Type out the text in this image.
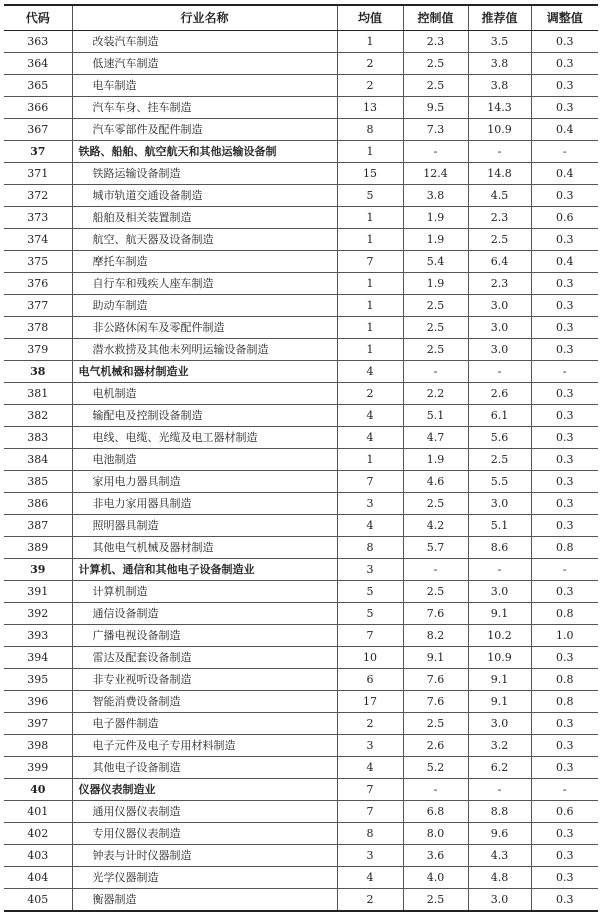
代码	行业名称	均值	控制值	推荐值	调整值
363	改装汽车制造	1	2.3	3.5	0.3
364	低速汽车制造	2	2.5	3.8	0.3
365	电车制造	2	2.5	3.8	0.3
366	汽车车身、挂车制造	13	9.5	14.3	0.3
367	汽车零部件及配件制造	8	7.3	10.9	0.4
37	铁路、船舶、航空航天和其他运输设备制	1	-	-	-
371	铁路运输设备制造	15	12.4	14.8	0.4
372	城市轨道交通设备制造	5	3.8	4.5	0.3
373	船舶及相关装置制造	1	1.9	2.3	0.6
374	航空、航天器及设备制造	1	1.9	2.5	0.3
375	摩托车制造	7	5.4	6.4	0.4
376	自行车和残疾人座车制造	1	1.9	2.3	0.3
377	助动车制造	1	2.5	3.0	0.3
378	非公路休闲车及零配件制造	1	2.5	3.0	0.3
379	潜水救捞及其他未列明运输设备制造	1	2.5	3.0	0.3
38	电气机械和器材制造业	4	-	-	-
381	电机制造	2	2.2	2.6	0.3
382	输配电及控制设备制造	4	5.1	6.1	0.3
383	电线、电缆、光缆及电工器材制造	4	4.7	5.6	0.3
384	电池制造	1	1.9	2.5	0.3
385	家用电力器具制造	7	4.6	5.5	0.3
386	非电力家用器具制造	3	2.5	3.0	0.3
387	照明器具制造	4	4.2	5.1	0.3
389	其他电气机械及器材制造	8	5.7	8.6	0.8
39	计算机、通信和其他电子设备制造业	3	-	-	-
391	计算机制造	5	2.5	3.0	0.3
392	通信设备制造	5	7.6	9.1	0.8
393	广播电视设备制造	7	8.2	10.2	1.0
394	雷达及配套设备制造	10	9.1	10.9	0.3
395	非专业视听设备制造	6	7.6	9.1	0.8
396	智能消费设备制造	17	7.6	9.1	0.8
397	电子器件制造	2	2.5	3.0	0.3
398	电子元件及电子专用材料制造	3	2.6	3.2	0.3
399	其他电子设备制造	4	5.2	6.2	0.3
40	仪器仪表制造业	7	-	-	-
401	通用仪器仪表制造	7	6.8	8.8	0.6
402	专用仪器仪表制造	8	8.0	9.6	0.3
403	钟表与计时仪器制造	3	3.6	4.3	0.3
404	光学仪器制造	4	4.0	4.8	0.3
405	衡器制造	2	2.5	3.0	0.3
